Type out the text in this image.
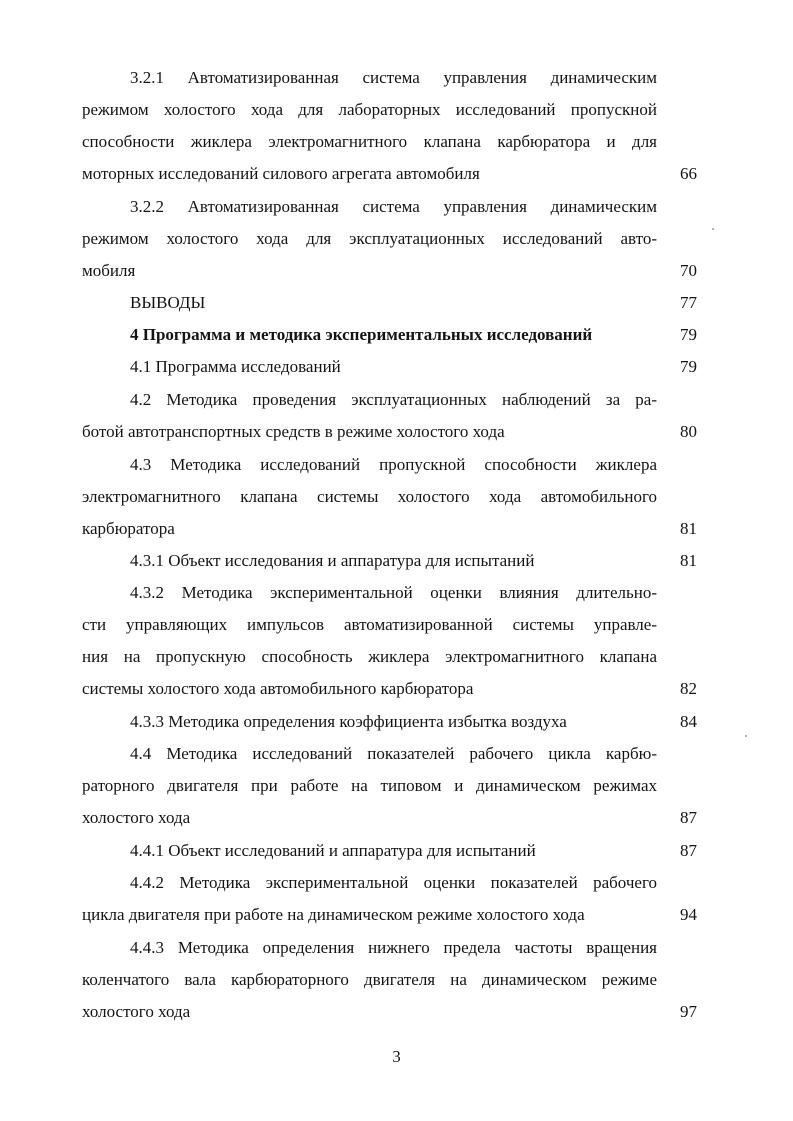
3.2.1 Автоматизированная система управления динамическим
режимом холостого хода для лабораторных исследований пропускной
способности жиклера электромагнитного клапана карбюратора и для
моторных исследований силового агрегата автомобиля	66
3.2.2 Автоматизированная система управления динамическим
режимом холостого хода для эксплуатационных исследований авто-
мобиля	70
ВЫВОДЫ	77
4 Программа и методика экспериментальных исследований	79
4.1 Программа исследований	79
4.2 Методика проведения эксплуатационных наблюдений за ра-
ботой автотранспортных средств в режиме холостого хода	80
4.3 Методика исследований пропускной способности жиклера
электромагнитного клапана системы холостого хода автомобильного
карбюратора	81
4.3.1 Объект исследования и аппаратура для испытаний	81
4.3.2 Методика экспериментальной оценки влияния длительно-
сти управляющих импульсов автоматизированной системы управле-
ния на пропускную способность жиклера электромагнитного клапана
системы холостого хода автомобильного карбюратора	82
4.3.3 Методика определения коэффициента избытка воздуха	84
4.4 Методика исследований показателей рабочего цикла карбю-
раторного двигателя при работе на типовом и динамическом режимах
холостого хода	87
4.4.1 Объект исследований и аппаратура для испытаний	87
4.4.2 Методика экспериментальной оценки показателей рабочего
цикла двигателя при работе на динамическом режиме холостого хода	94
4.4.3 Методика определения нижнего предела частоты вращения
коленчатого вала карбюраторного двигателя на динамическом режиме
холостого хода	97
3
